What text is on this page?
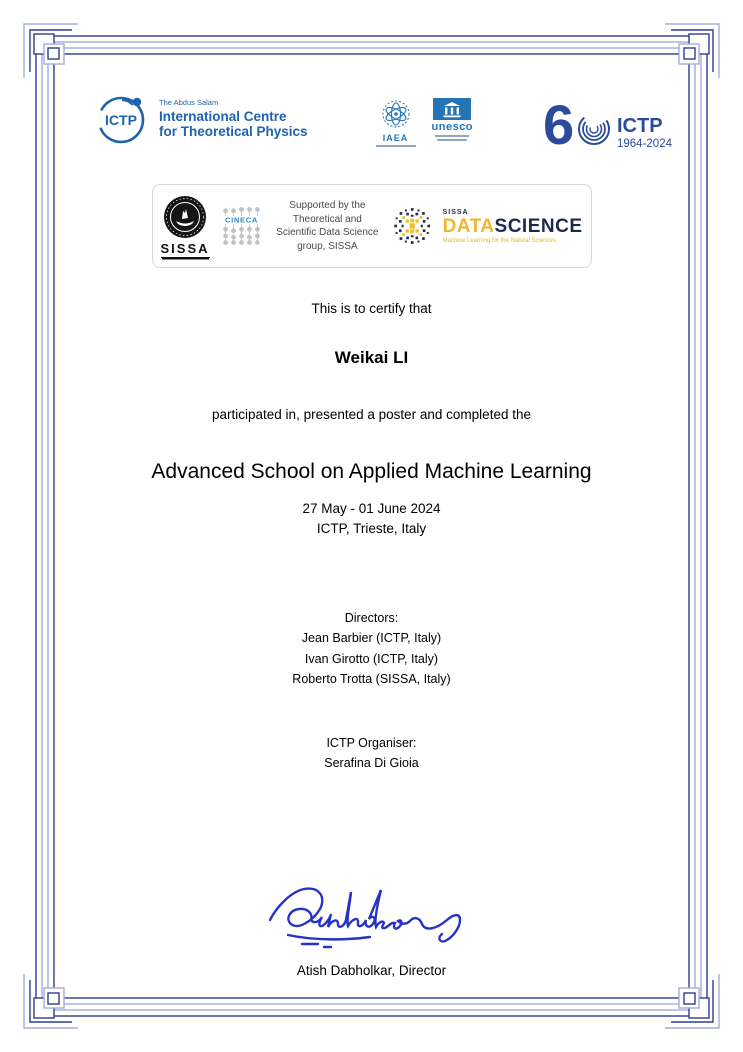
ICTP
The Abdus Salam
International Centre
for Theoretical Physics	IAEA
unesco 6 ICTP
1964-2024
SISSA
CINECA
Supported by the Theoretical and
Scientific Data Science group, SISSA
SISSA
DATASCIENCE
Machine Learning for the Natural Sciences
This is to certify that
Weikai LI
participated in, presented a poster and completed the
Advanced School on Applied Machine Learning
27 May - 01 June 2024
ICTP, Trieste, Italy
Directors:
Jean Barbier (ICTP, Italy)
Ivan Girotto (ICTP, Italy)
Roberto Trotta (SISSA, Italy)
ICTP Organiser:
Serafina Di Gioia
Atish Dabholkar, Director
